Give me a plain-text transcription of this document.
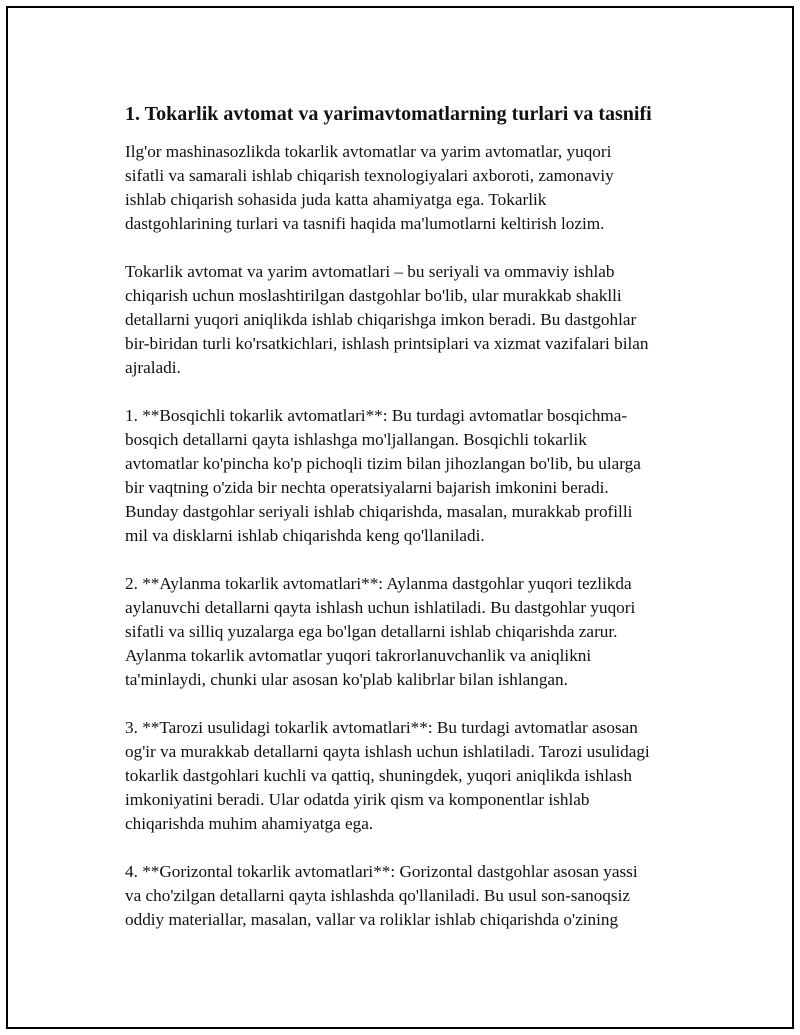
1. Tokarlik avtomat va yarimavtomatlarning turlari va tasnifi

Ilg'or mashinasozlikda tokarlik avtomatlar va yarim avtomatlar, yuqori
sifatli va samarali ishlab chiqarish texnologiyalari axboroti, zamonaviy
ishlab chiqarish sohasida juda katta ahamiyatga ega. Tokarlik
dastgohlarining turlari va tasnifi haqida ma'lumotlarni keltirish lozim.

Tokarlik avtomat va yarim avtomatlari – bu seriyali va ommaviy ishlab
chiqarish uchun moslashtirilgan dastgohlar bo'lib, ular murakkab shaklli
detallarni yuqori aniqlikda ishlab chiqarishga imkon beradi. Bu dastgohlar
bir-biridan turli ko'rsatkichlari, ishlash printsiplari va xizmat vazifalari bilan
ajraladi.

1. **Bosqichli tokarlik avtomatlari**: Bu turdagi avtomatlar bosqichma-
bosqich detallarni qayta ishlashga mo'ljallangan. Bosqichli tokarlik
avtomatlar ko'pincha ko'p pichoqli tizim bilan jihozlangan bo'lib, bu ularga
bir vaqtning o'zida bir nechta operatsiyalarni bajarish imkonini beradi.
Bunday dastgohlar seriyali ishlab chiqarishda, masalan, murakkab profilli
mil va disklarni ishlab chiqarishda keng qo'llaniladi.

2. **Aylanma tokarlik avtomatlari**: Aylanma dastgohlar yuqori tezlikda
aylanuvchi detallarni qayta ishlash uchun ishlatiladi. Bu dastgohlar yuqori
sifatli va silliq yuzalarga ega bo'lgan detallarni ishlab chiqarishda zarur.
Aylanma tokarlik avtomatlar yuqori takrorlanuvchanlik va aniqlikni
ta'minlaydi, chunki ular asosan ko'plab kalibrlar bilan ishlangan.

3. **Tarozi usulidagi tokarlik avtomatlari**: Bu turdagi avtomatlar asosan
og'ir va murakkab detallarni qayta ishlash uchun ishlatiladi. Tarozi usulidagi
tokarlik dastgohlari kuchli va qattiq, shuningdek, yuqori aniqlikda ishlash
imkoniyatini beradi. Ular odatda yirik qism va komponentlar ishlab
chiqarishda muhim ahamiyatga ega.

4. **Gorizontal tokarlik avtomatlari**: Gorizontal dastgohlar asosan yassi
va cho'zilgan detallarni qayta ishlashda qo'llaniladi. Bu usul son-sanoqsiz
oddiy materiallar, masalan, vallar va roliklar ishlab chiqarishda o'zining
